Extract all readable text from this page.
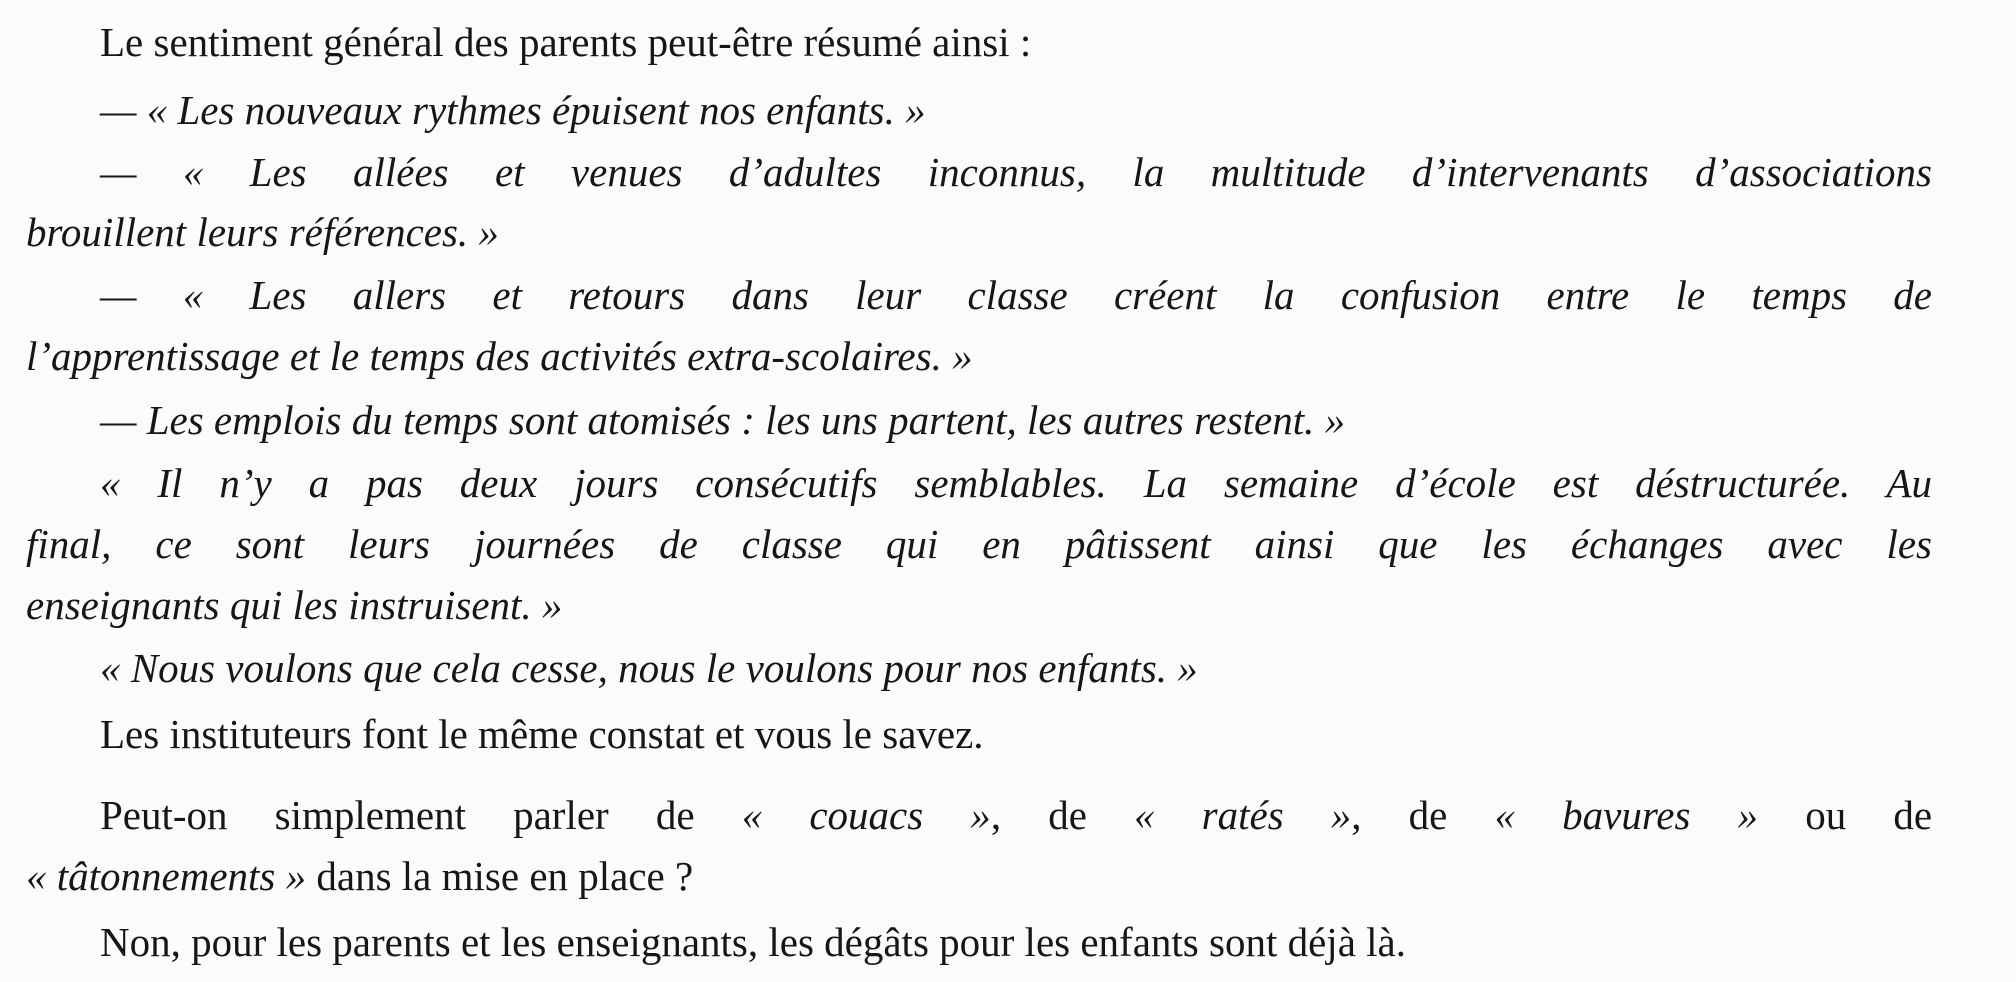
Le sentiment général des parents peut-être résumé ainsi :
— « Les nouveaux rythmes épuisent nos enfants. »
— « Les allées et venues d’adultes inconnus, la multitude d’intervenants d’associations
brouillent leurs références. »
— « Les allers et retours dans leur classe créent la confusion entre le temps de
l’apprentissage et le temps des activités extra-scolaires. »
— Les emplois du temps sont atomisés : les uns partent, les autres restent. »
« Il n’y a pas deux jours consécutifs semblables. La semaine d’école est déstructurée. Au
final, ce sont leurs journées de classe qui en pâtissent ainsi que les échanges avec les
enseignants qui les instruisent. »
« Nous voulons que cela cesse, nous le voulons pour nos enfants. »
Les instituteurs font le même constat et vous le savez.
Peut-on simplement parler de « couacs », de « ratés », de « bavures » ou de
« tâtonnements » dans la mise en place ?
Non, pour les parents et les enseignants, les dégâts pour les enfants sont déjà là.
